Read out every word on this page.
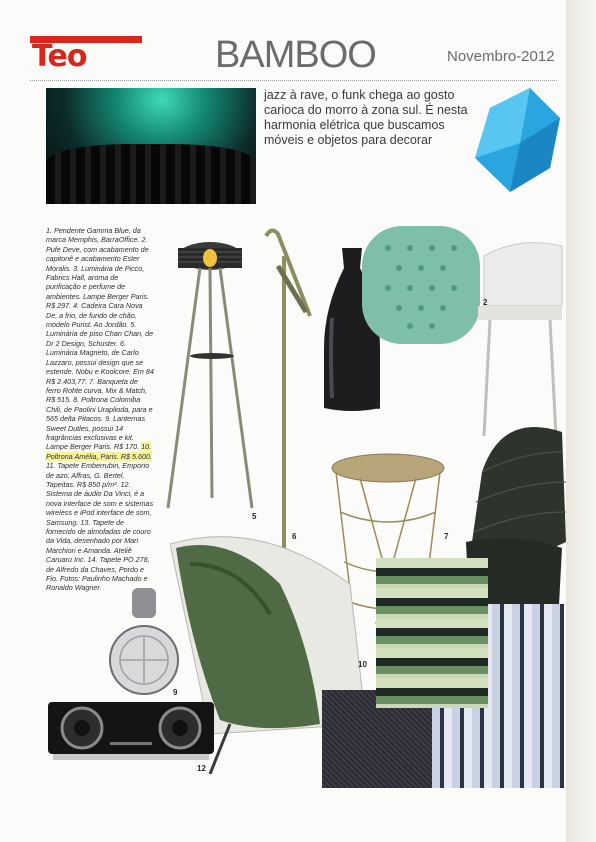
Teo	BAMBOO	Novembro-2012

jazz à rave, o funk chega ao gosto carioca do morro à zona sul. É nesta harmonia elétrica que buscamos móveis e objetos para decorar

1. Pendente Gamma Blue, da marca Memphis, BarraOffice. 2. Pufe Deve, com acabamento de capitonê e acabamento Ester Moralis. 3. Luminária de Picco, Fabrics Hall, aroma de purificação e perfume de ambientes. Lampe Berger Paris. R$ 297. 4. Cadeira Cara Nova De, a frio, de fundo de chão, modelo Purist. Ao Jordão. 5. Luminária de piso Chan Chan, de Dr 2 Design, Schuster. 6. Luminária Magneto, de Carlo Lazzaro, possui design que se estende. Nobu e Koolcore. Em 84 R$ 2.403,77. 7. Banqueta de ferro Rohte curva, Mix & Match, R$ 515. 8. Poltrona Colomiba Chili, de Paolini Uraplioda, para e 565 delta Pitacos. 9. Lanternas Sweet Dutles, possui 14 fragrâncias exclusivas e kit. Lampe Berger Paris. R$ 170. 10. Poltrona Amélia, Paris. R$ 5.600. 11. Tapete Emberrubin, Emporio de azo, Affras, G. Bertel. Tapeitas. R$ 850 p/m². 12. Sistema de áudio Da Vinci, é a nova interface de som e sistemas wireless e iPod interface de som, Samsung. 13. Tapete de fornecido de almofadas de couro da Vida, desenhado por Mari Marchiori e Amanda. Ateliê Caruaru Inc. 14. Tapete PO 278, de Alfredo da Chaves, Pordo e Fio. Fotos: Paulinho Machado e Ronaldo Wagner.
2
3
5
6	7	8
9
10
11
12	13
